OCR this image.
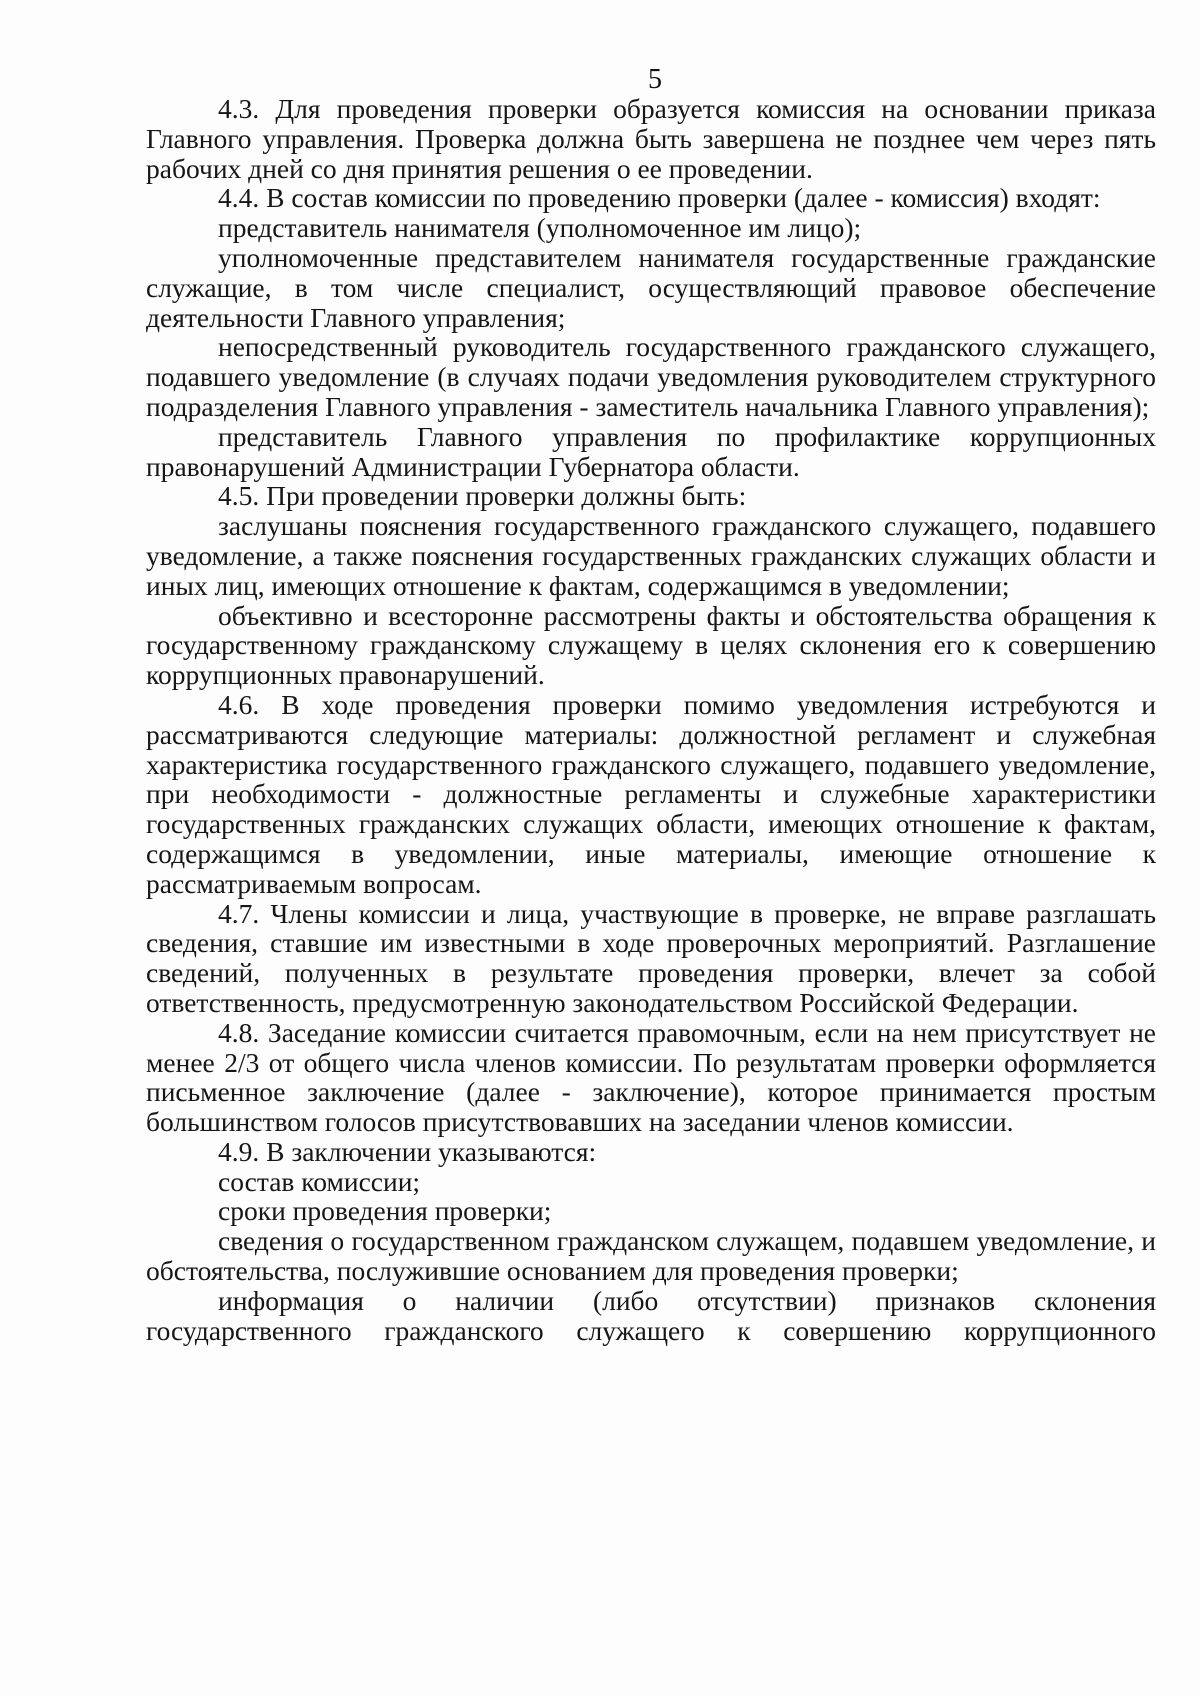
5

4.3. Для проведения проверки образуется комиссия на основании приказа Главного управления. Проверка должна быть завершена не позднее чем через пять рабочих дней со дня принятия решения о ее проведении.

4.4. В состав комиссии по проведению проверки (далее - комиссия) входят:

представитель нанимателя (уполномоченное им лицо);

уполномоченные представителем нанимателя государственные гражданские служащие, в том числе специалист, осуществляющий правовое обеспечение деятельности Главного управления;

непосредственный руководитель государственного гражданского служащего, подавшего уведомление (в случаях подачи уведомления руководителем структурного подразделения Главного управления - заместитель начальника Главного управления);

представитель Главного управления по профилактике коррупционных правонарушений Администрации Губернатора области.

4.5. При проведении проверки должны быть:

заслушаны пояснения государственного гражданского служащего, подавшего уведомление, а также пояснения государственных гражданских служащих области и иных лиц, имеющих отношение к фактам, содержащимся в уведомлении;

объективно и всесторонне рассмотрены факты и обстоятельства обращения к государственному гражданскому служащему в целях склонения его к совершению коррупционных правонарушений.

4.6. В ходе проведения проверки помимо уведомления истребуются и рассматриваются следующие материалы: должностной регламент и служебная характеристика государственного гражданского служащего, подавшего уведомление, при необходимости - должностные регламенты и служебные характеристики государственных гражданских служащих области, имеющих отношение к фактам, содержащимся в уведомлении, иные материалы, имеющие отношение к рассматриваемым вопросам.

4.7. Члены комиссии и лица, участвующие в проверке, не вправе разглашать сведения, ставшие им известными в ходе проверочных мероприятий. Разглашение сведений, полученных в результате проведения проверки, влечет за собой ответственность, предусмотренную законодательством Российской Федерации.

4.8. Заседание комиссии считается правомочным, если на нем присутствует не менее 2/3 от общего числа членов комиссии. По результатам проверки оформляется письменное заключение (далее - заключение), которое принимается простым большинством голосов присутствовавших на заседании членов комиссии.

4.9. В заключении указываются:

состав комиссии;

сроки проведения проверки;

сведения о государственном гражданском служащем, подавшем уведомление, и обстоятельства, послужившие основанием для проведения проверки;

информация о наличии (либо отсутствии) признаков склонения государственного гражданского служащего к совершению коррупционного
